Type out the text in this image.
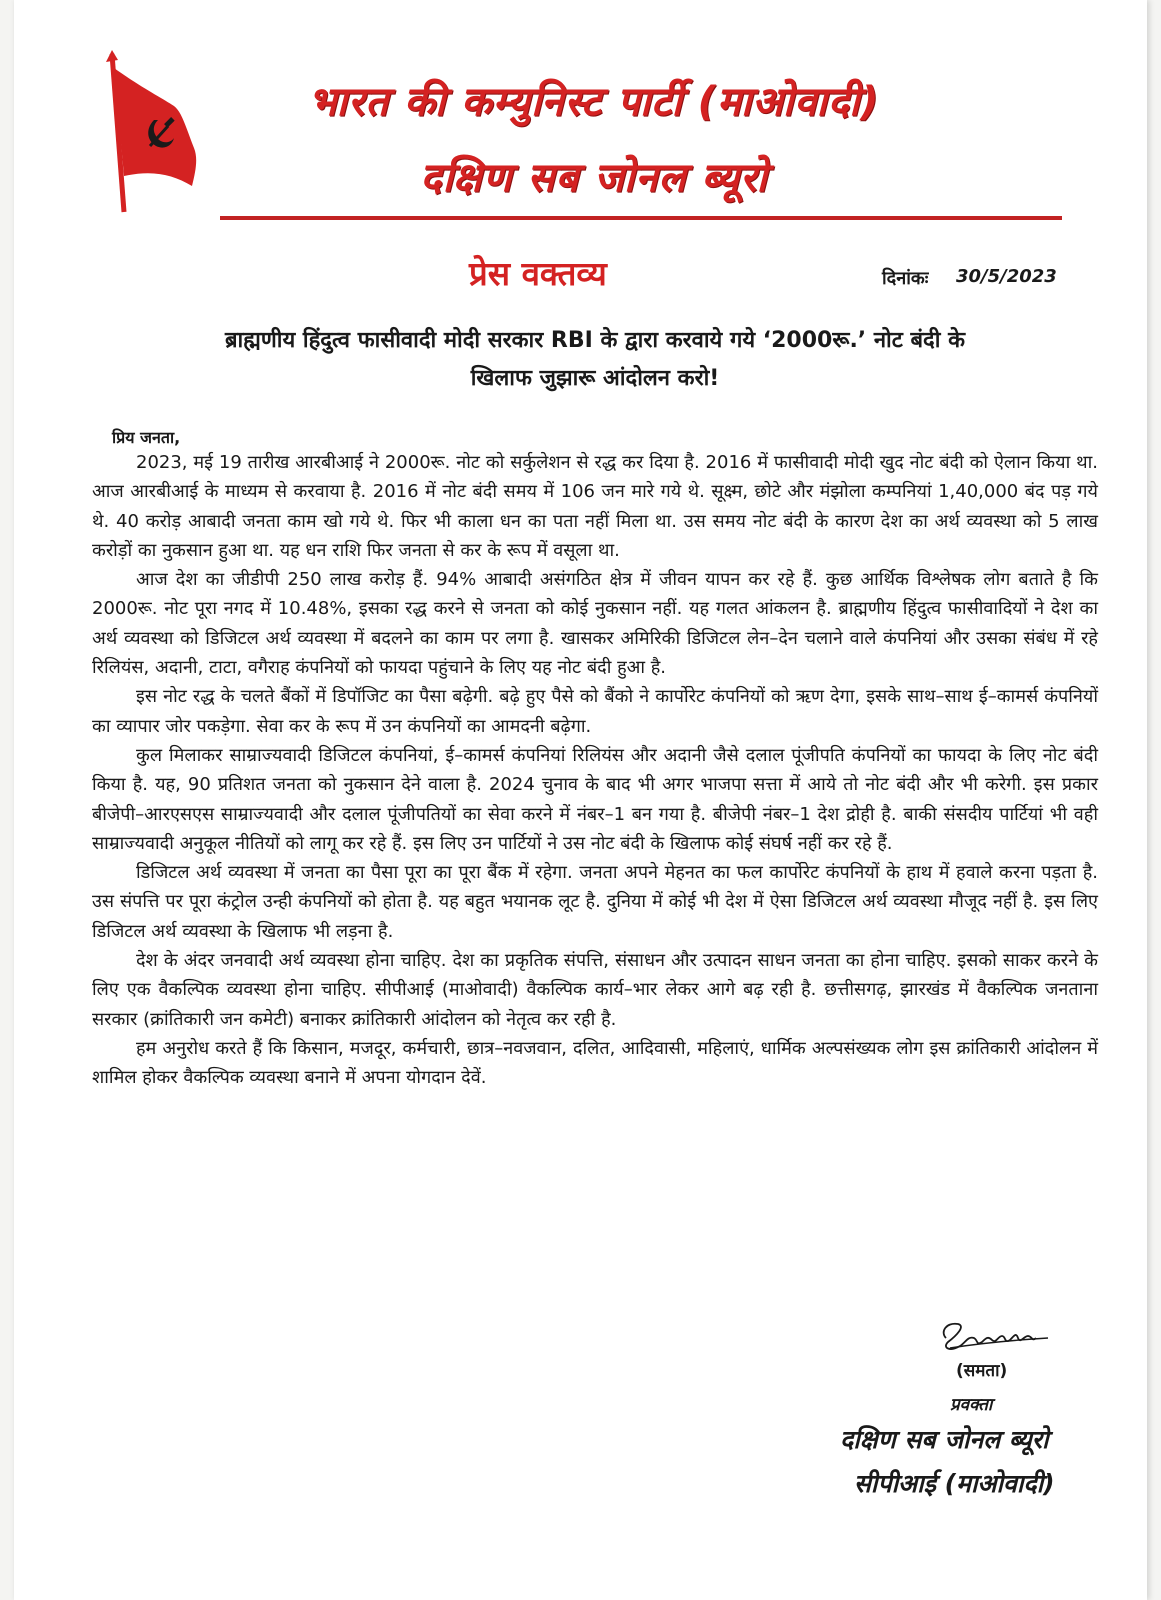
भारत की कम्युनिस्ट पार्टी (माओवादी)
दक्षिण सब जोनल ब्यूरो
प्रेस वक्तव्य	दिनांकः 30/5/2023
ब्राह्मणीय हिंदुत्व फासीवादी मोदी सरकार RBI के द्वारा करवाये गये ‘2000रू.’ नोट बंदी के
खिलाफ जुझारू आंदोलन करो!
प्रिय जनता,

2023, मई 19 तारीख आरबीआई ने 2000रू. नोट को सर्कुलेशन से रद्ध कर दिया है. 2016 में फासीवादी मोदी खुद नोट बंदी को ऐलान किया था. आज आरबीआई के माध्यम से करवाया है. 2016 में नोट बंदी समय में 106 जन मारे गये थे. सूक्ष्म, छोटे और मंझोला कम्पनियां 1,40,000 बंद पड़ गये थे. 40 करोड़ आबादी जनता काम खो गये थे. फिर भी काला धन का पता नहीं मिला था. उस समय नोट बंदी के कारण देश का अर्थ व्यवस्था को 5 लाख करोड़ों का नुकसान हुआ था. यह धन राशि फिर जनता से कर के रूप में वसूला था.

आज देश का जीडीपी 250 लाख करोड़ हैं. 94% आबादी असंगठित क्षेत्र में जीवन यापन कर रहे हैं. कुछ आर्थिक विश्लेषक लोग बताते है कि 2000रू. नोट पूरा नगद में 10.48%, इसका रद्ध करने से जनता को कोई नुकसान नहीं. यह गलत आंकलन है. ब्राह्मणीय हिंदुत्व फासीवादियों ने देश का अर्थ व्यवस्था को डिजिटल अर्थ व्यवस्था में बदलने का काम पर लगा है. खासकर अमिरिकी डिजिटल लेन–देन चलाने वाले कंपनियां और उसका संबंध में रहे रिलियंस, अदानी, टाटा, वगैराह कंपनियों को फायदा पहुंचाने के लिए यह नोट बंदी हुआ है.

इस नोट रद्ध के चलते बैंकों में डिपॉजिट का पैसा बढ़ेगी. बढ़े हुए पैसे को बैंको ने कार्पोरेट कंपनियों को ऋण देगा, इसके साथ–साथ ई–कामर्स कंपनियों का व्यापार जोर पकड़ेगा. सेवा कर के रूप में उन कंपनियों का आमदनी बढ़ेगा.

कुल मिलाकर साम्राज्यवादी डिजिटल कंपनियां, ई–कामर्स कंपनियां रिलियंस और अदानी जैसे दलाल पूंजीपति कंपनियों का फायदा के लिए नोट बंदी किया है. यह, 90 प्रतिशत जनता को नुकसान देने वाला है. 2024 चुनाव के बाद भी अगर भाजपा सत्ता में आये तो नोट बंदी और भी करेगी. इस प्रकार बीजेपी–आरएसएस साम्राज्यवादी और दलाल पूंजीपतियों का सेवा करने में नंबर–1 बन गया है. बीजेपी नंबर–1 देश द्रोही है. बाकी संसदीय पार्टियां भी वही साम्राज्यवादी अनुकूल नीतियों को लागू कर रहे हैं. इस लिए उन पार्टियों ने उस नोट बंदी के खिलाफ कोई संघर्ष नहीं कर रहे हैं.

डिजिटल अर्थ व्यवस्था में जनता का पैसा पूरा का पूरा बैंक में रहेगा. जनता अपने मेहनत का फल कार्पोरेट कंपनियों के हाथ में हवाले करना पड़ता है. उस संपत्ति पर पूरा कंट्रोल उन्ही कंपनियों को होता है. यह बहुत भयानक लूट है. दुनिया में कोई भी देश में ऐसा डिजिटल अर्थ व्यवस्था मौजूद नहीं है. इस लिए डिजिटल अर्थ व्यवस्था के खिलाफ भी लड़ना है.

देश के अंदर जनवादी अर्थ व्यवस्था होना चाहिए. देश का प्रकृतिक संपत्ति, संसाधन और उत्पादन साधन जनता का होना चाहिए. इसको साकर करने के लिए एक वैकल्पिक व्यवस्था होना चाहिए. सीपीआई (माओवादी) वैकल्पिक कार्य–भार लेकर आगे बढ़ रही है. छत्तीसगढ़, झारखंड में वैकल्पिक जनताना सरकार (क्रांतिकारी जन कमेटी) बनाकर क्रांतिकारी आंदोलन को नेतृत्व कर रही है.

हम अनुरोध करते हैं कि किसान, मजदूर, कर्मचारी, छात्र–नवजवान, दलित, आदिवासी, महिलाएं, धार्मिक अल्पसंख्यक लोग इस क्रांतिकारी आंदोलन में शामिल होकर वैकल्पिक व्यवस्था बनाने में अपना योगदान देवें.

(समता)
प्रवक्ता
दक्षिण सब जोनल ब्यूरो
सीपीआई (माओवादी)
